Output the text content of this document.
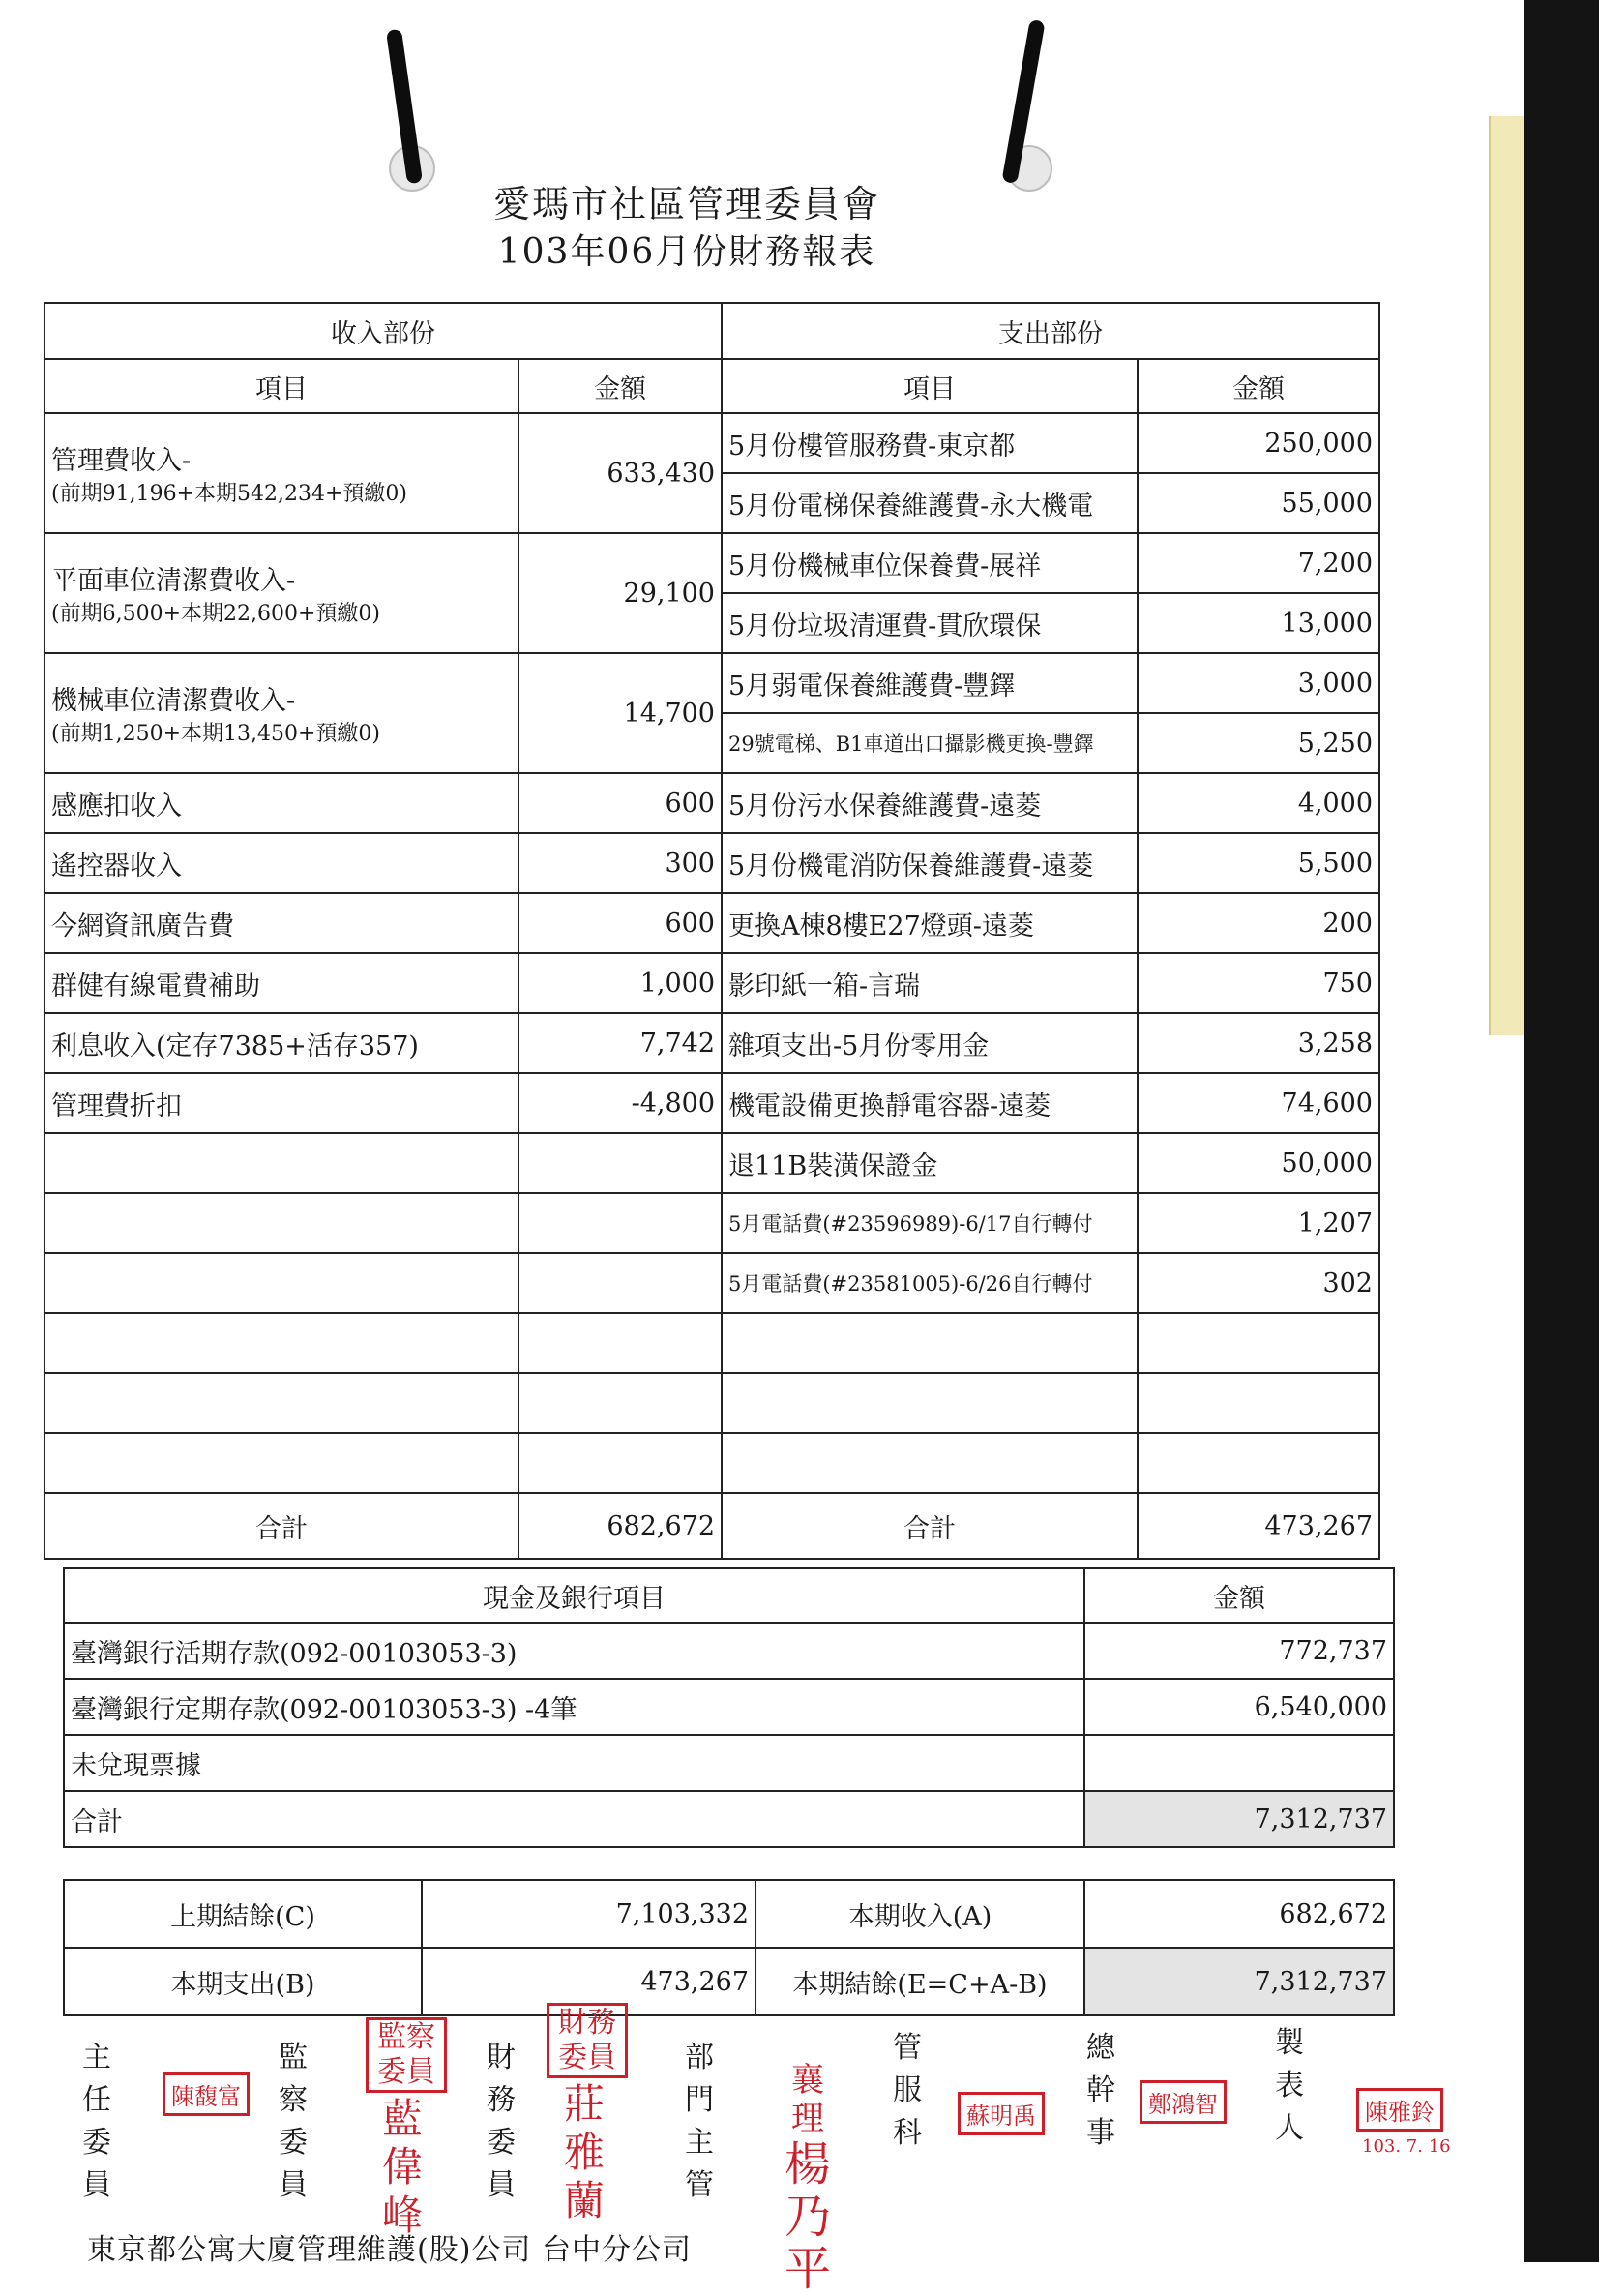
愛瑪市社區管理委員會
103年06月份財務報表
收入部份		支出部份	
項目	金額	項目	金額

管理費收入-
(前期91,196+本期542,234+預繳0)	633,430	5月份樓管服務費-東京都	250,000
		5月份電梯保養維護費-永大機電	55,000

平面車位清潔費收入-
(前期6,500+本期22,600+預繳0)	29,100	5月份機械車位保養費-展祥	7,200
		5月份垃圾清運費-貫欣環保	13,000

機械車位清潔費收入-
(前期1,250+本期13,450+預繳0)	14,700	5月弱電保養維護費-豐鐸	3,000
		29號電梯、B1車道出口攝影機更換-豐鐸	5,250
感應扣收入	600	5月份污水保養維護費-遠菱	4,000
遙控器收入	300	5月份機電消防保養維護費-遠菱	5,500
今網資訊廣告費	600	更換A棟8樓E27燈頭-遠菱	200
群健有線電費補助	1,000	影印紙一箱-言瑞	750
利息收入(定存7385+活存357)	7,742	雜項支出-5月份零用金	3,258
管理費折扣	-4,800	機電設備更換靜電容器-遠菱	74,600
		退11B裝潢保證金	50,000
		5月電話費(#23596989)-6/17自行轉付	1,207
		5月電話費(#23581005)-6/26自行轉付	302

合計	682,672	合計	473,267
現金及銀行項目	金額
臺灣銀行活期存款(092-00103053-3)	772,737
臺灣銀行定期存款(092-00103053-3) -4筆	6,540,000
未兌現票據	
合計	7,312,737
上期結餘(C)	7,103,332	本期收入(A)	682,672
本期支出(B)	473,267	本期結餘(E=C+A-B)	7,312,737
主任委員
陳馥富
監察委員
監察委員
藍偉峰
財務委員
財務委員
莊雅蘭
部門主管
襄理
楊乃平
管服科	蘇明禹
總幹事
鄭鴻智
製表人	陳雅鈴
103. 7. 16
東京都公寓大廈管理維護(股)公司 台中分公司
